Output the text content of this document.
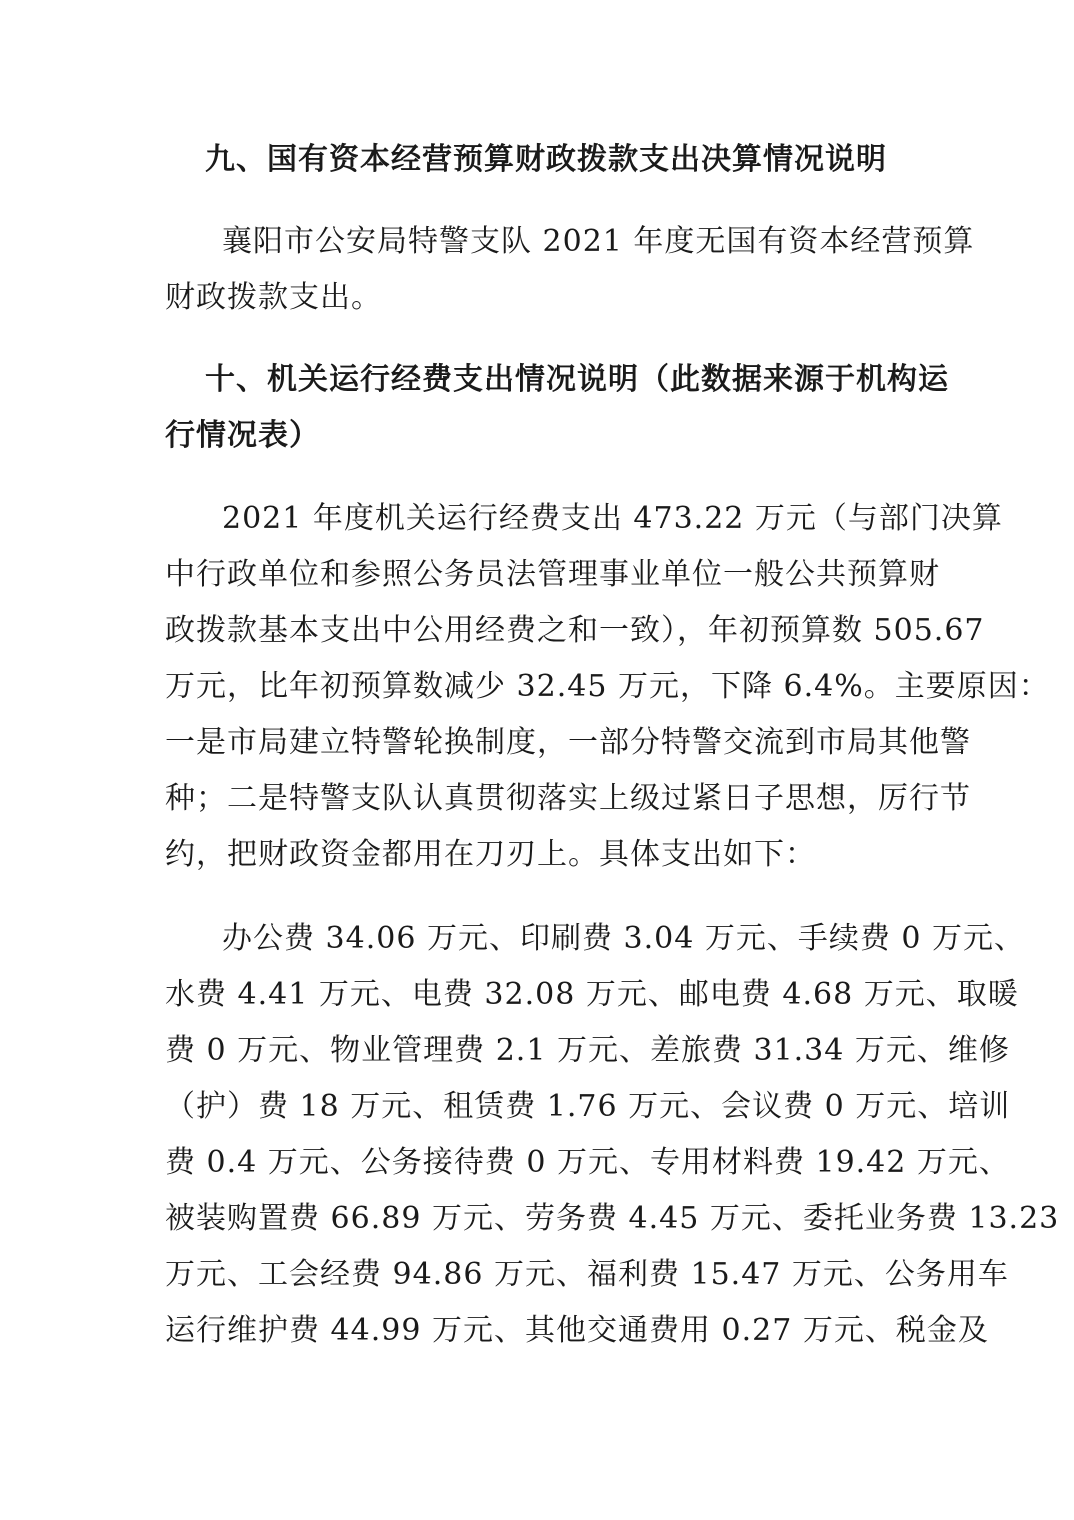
九、国有资本经营预算财政拨款支出决算情况说明
襄阳市公安局特警支队 2021 年度无国有资本经营预算
财政拨款支出。
十、机关运行经费支出情况说明（此数据来源于机构运
行情况表）
2021 年度机关运行经费支出 473.22 万元（与部门决算
中行政单位和参照公务员法管理事业单位一般公共预算财
政拨款基本支出中公用经费之和一致），年初预算数 505.67
万元，比年初预算数减少 32.45 万元，下降 6.4%。主要原因：
一是市局建立特警轮换制度，一部分特警交流到市局其他警
种；二是特警支队认真贯彻落实上级过紧日子思想，厉行节
约，把财政资金都用在刀刃上。具体支出如下：
办公费 34.06 万元、印刷费 3.04 万元、手续费 0 万元、
水费 4.41 万元、电费 32.08 万元、邮电费 4.68 万元、取暖
费 0 万元、物业管理费 2.1 万元、差旅费 31.34 万元、维修
（护）费 18 万元、租赁费 1.76 万元、会议费 0 万元、培训
费 0.4 万元、公务接待费 0 万元、专用材料费 19.42 万元、
被装购置费 66.89 万元、劳务费 4.45 万元、委托业务费 13.23
万元、工会经费 94.86 万元、福利费 15.47 万元、公务用车
运行维护费 44.99 万元、其他交通费用 0.27 万元、税金及
